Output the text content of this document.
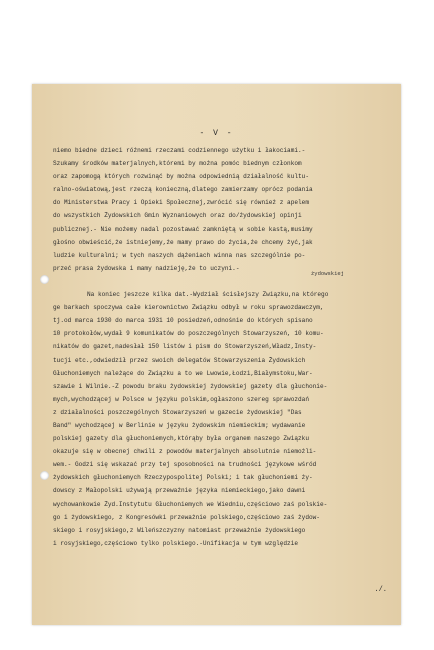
- V -
żydowskiej
niemo biedne dzieci różnemi rzeczami codziennego użytku i łakociami.-
Szukamy środków materjalnych,któremi by można pomóc biednym członkom
oraz zapomogą których rozwinąć by można odpowiednią działalność kultu-
ralno-oświatową,jest rzeczą konieczną,dlatego zamierzamy oprócz podania
do Ministerstwa Pracy i Opieki Społecznej,zwrócić się również z apelem
do wszystkich Żydowskich Gmin Wyznaniowych oraz do/żydowskiej opinji
publicznej.- Nie możemy nadal pozostawać zamkniętą w sobie kastą,musimy
głośno obwieścić,że istniejemy,że mamy prawo do życia,że chcemy żyć,jak
ludzie kulturalni; w tych naszych dążeniach winna nas szczególnie po-
przeć prasa żydowska i mamy nadzieję,że to uczyni.-
Na koniec jeszcze kilka dat.-Wydział ścisłejszy Związku,na którego
ge barkach spoczywa całe kierownictwo Związku odbył w roku sprawozdawczym,
tj.od marca 1930 do marca 1931 10 posiedzeń,odnośnie do których spisano
10 protokołów,wydał 9 komunikatów do poszczególnych Stowarzyszeń, 10 komu-
nikatów do gazet,nadesłał 150 listów i pism do Stowarzyszeń,Władz,Insty-
tucji etc.,odwiedził przez swoich delegatów Stowarzyszenia Żydowskich
Głuchoniemych należące do Związku a to we Lwowie,Łodzi,Białymstoku,War-
szawie i Wilnie.-Z powodu braku żydowskiej żydowskiej gazety dla głuchonie-
mych,wychodzącej w Polsce w języku polskim,ogłaszono szereg sprawozdań
z działalności poszczególnych Stowarzyszeń w gazecie żydowskiej "Das
Band" wychodzącej w Berlinie w języku żydowskim niemieckim; wydawanie
polskiej gazety dla głuchoniemych,którąby była organem naszego Związku
okazuje się w obecnej chwili z powodów materjalnych absolutnie niemożli-
wem.- Godzi się wskazać przy tej sposobności na trudności językowe wśród
żydowskich głuchoniemych Rzeczypospolitej Polski; i tak głuchoniemi ży-
dowscy z Małopolski używają przeważnie języka niemieckiego,jako dawni
wychowankowie Żyd.Instytutu Głuchoniemych we Wiedniu,częściowo zaś polskie-
go i żydowskiego, z Kongresówki przeważnie polskiego,częściowo zaś żydow-
skiego i rosyjskiego,z Wileńszczyzny natomiast przeważnie żydowskiego
i rosyjskiego,częściowo tylko polskiego.-Unifikacja w tym względzie
./.
